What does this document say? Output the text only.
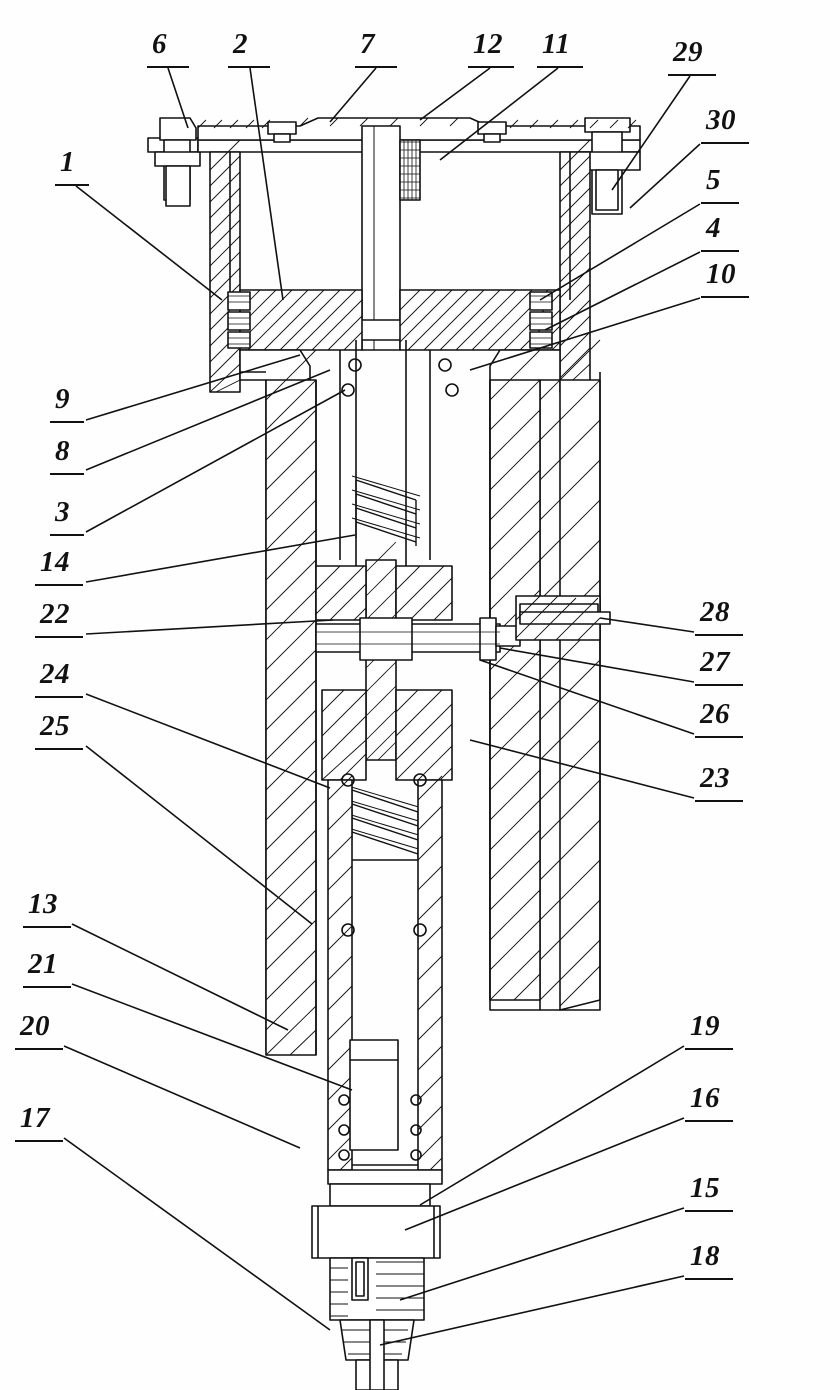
6 2	7	12 11	29
30
1
5
4
10
9
8
3
14
22
24
25
28
27
26
23
13
21
20
17
19
16
15
18
